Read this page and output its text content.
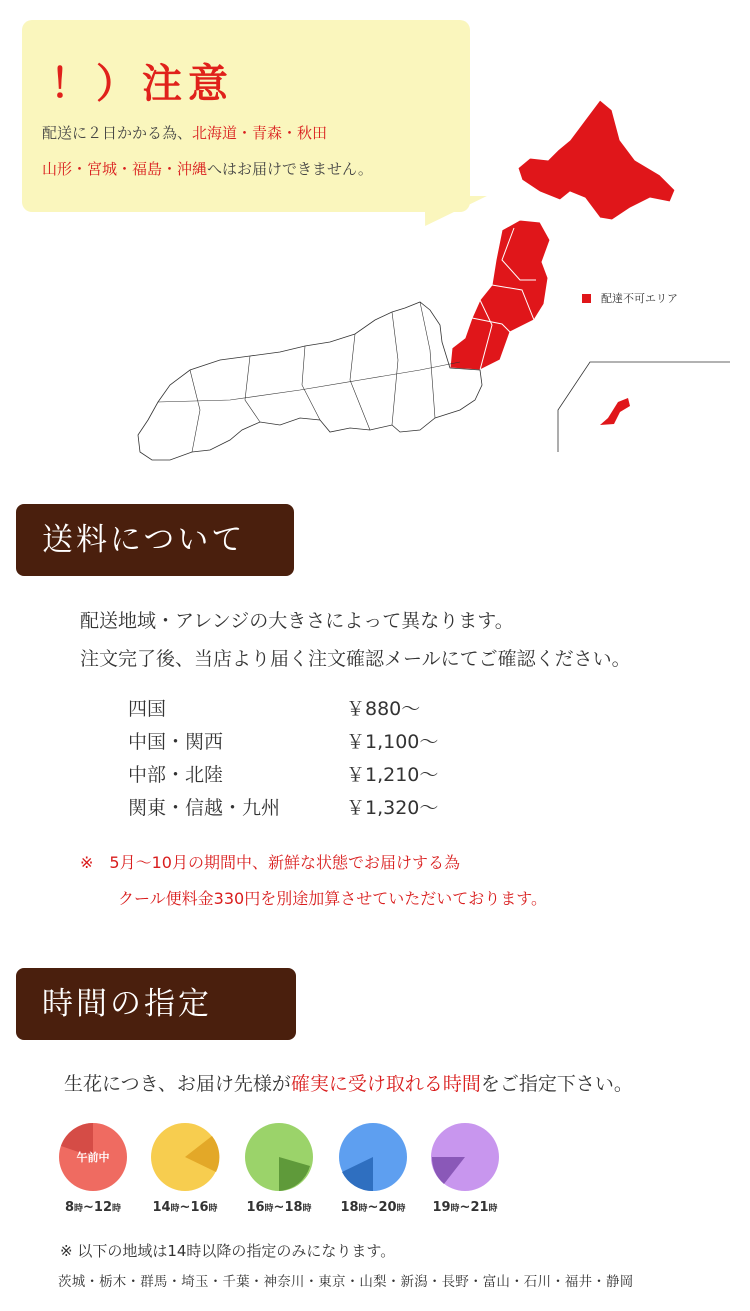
！）注意
配送に２日かかる為、北海道・青森・秋田
山形・宮城・福島・沖縄へはお届けできません。
配達不可エリア
送料について
配送地域・アレンジの大きさによって異なります。
注文完了後、当店より届く注文確認メールにてご確認ください。
四国	￥880〜
中国・関西	￥1,100〜
中部・北陸	￥1,210〜
関東・信越・九州	￥1,320〜
※　5月〜10月の期間中、新鮮な状態でお届けする為
クール便料金330円を別途加算させていただいております。
時間の指定
生花につき、お届け先様が確実に受け取れる時間をご指定下さい。
午前中
8時~12時	14時~16時	16時~18時	18時~20時	19時~21時
※ 以下の地域は14時以降の指定のみになります。
茨城・栃木・群馬・埼玉・千葉・神奈川・東京・山梨・新潟・長野・富山・石川・福井・静岡
